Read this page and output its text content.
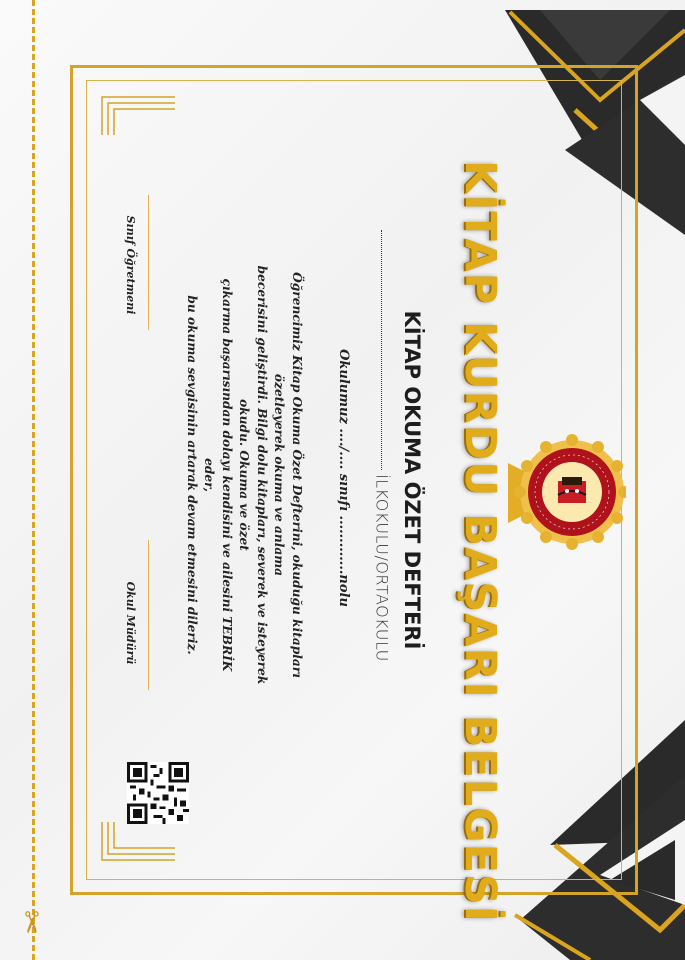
✂	KİTAP KURDU BAŞARI BELGESİ
KİTAP OKUMA ÖZET DEFTERİ
İLKOKULU/ORTAOKULU
Okulumuz ..../.... sınıfı .............nolu
Öğrencimiz Kitap Okuma Özet Defterini, okuduğu kitapları özetleyerek okuma ve anlama
becerisini geliştirdi. Bilgi dolu kitapları, severek ve isteyerek okudu. Okuma ve özet
çıkarma başarısından dolayı kendisini ve ailesini TEBRİK eder,
bu okuma sevgisinin artarak devam etmesini dileriz.
Sınıf Öğretmeni
Okul Müdürü
